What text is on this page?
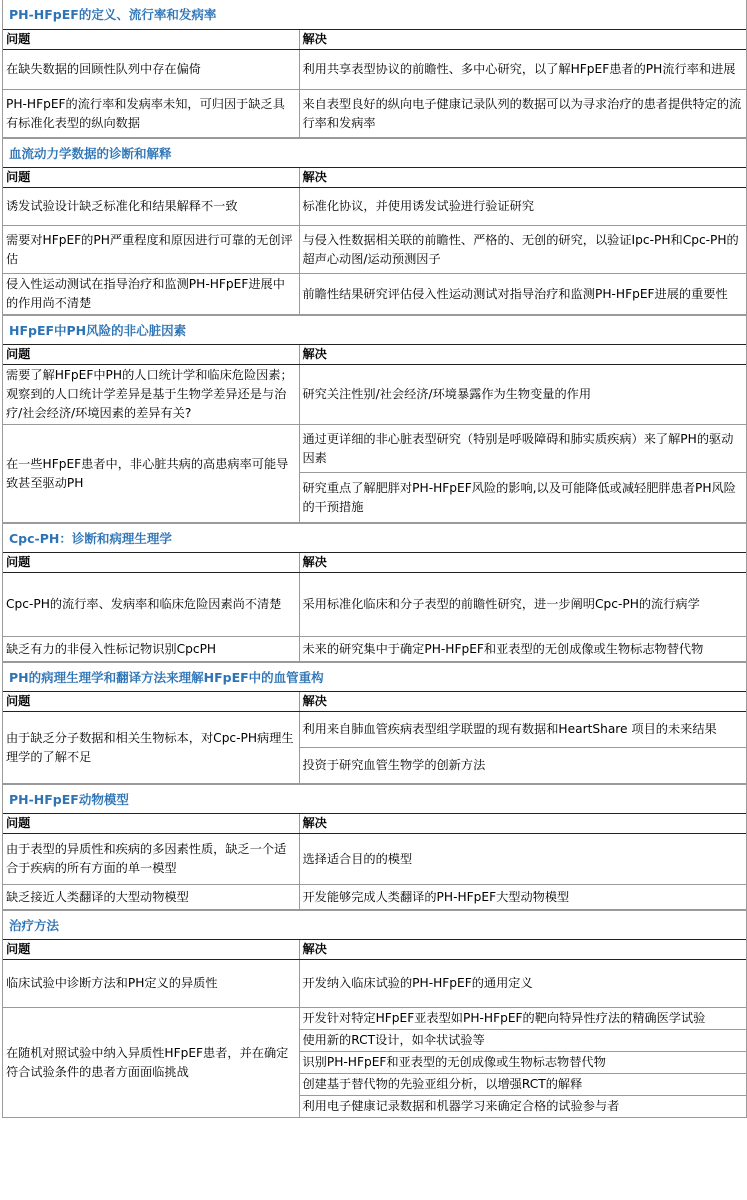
PH-HFpEF的定义、流行率和发病率
问题	解决
在缺失数据的回顾性队列中存在偏倚	利用共享表型协议的前瞻性、多中心研究，以了解HFpEF患者的PH流行率和进展
PH-HFpEF的流行率和发病率未知，可归因于缺乏具有标准化表型的纵向数据	来自表型良好的纵向电子健康记录队列的数据可以为寻求治疗的患者提供特定的流行率和发病率
血流动力学数据的诊断和解释
问题	解决
诱发试验设计缺乏标准化和结果解释不一致	标准化协议，并使用诱发试验进行验证研究
需要对HFpEF的PH严重程度和原因进行可靠的无创评估	与侵入性数据相关联的前瞻性、严格的、无创的研究，以验证Ipc-PH和Cpc-PH的超声心动图/运动预测因子
侵入性运动测试在指导治疗和监测PH-HFpEF进展中的作用尚不清楚	前瞻性结果研究评估侵入性运动测试对指导治疗和监测PH-HFpEF进展的重要性
HFpEF中PH风险的非心脏因素
问题	解决
需要了解HFpEF中PH的人口统计学和临床危险因素；观察到的人口统计学差异是基于生物学差异还是与治疗/社会经济/环境因素的差异有关?	研究关注性别/社会经济/环境暴露作为生物变量的作用
在一些HFpEF患者中，非心脏共病的高患病率可能导致甚至驱动PH	通过更详细的非心脏表型研究（特别是呼吸障碍和肺实质疾病）来了解PH的驱动因素
	研究重点了解肥胖对PH-HFpEF风险的影响,以及可能降低或减轻肥胖患者PH风险的干预措施
Cpc-PH：诊断和病理生理学
问题	解决
Cpc-PH的流行率、发病率和临床危险因素尚不清楚	采用标准化临床和分子表型的前瞻性研究，进一步阐明Cpc-PH的流行病学
缺乏有力的非侵入性标记物识别CpcPH	未来的研究集中于确定PH-HFpEF和亚表型的无创成像或生物标志物替代物
PH的病理生理学和翻译方法来理解HFpEF中的血管重构
问题	解决
由于缺乏分子数据和相关生物标本，对Cpc-PH病理生理学的了解不足	利用来自肺血管疾病表型组学联盟的现有数据和HeartShare 项目的未来结果
	投资于研究血管生物学的创新方法
PH-HFpEF动物模型
问题	解决
由于表型的异质性和疾病的多因素性质，缺乏一个适合于疾病的所有方面的单一模型	选择适合目的的模型
缺乏接近人类翻译的大型动物模型	开发能够完成人类翻译的PH-HFpEF大型动物模型
治疗方法
问题	解决
临床试验中诊断方法和PH定义的异质性	开发纳入临床试验的PH-HFpEF的通用定义
在随机对照试验中纳入异质性HFpEF患者，并在确定符合试验条件的患者方面面临挑战	开发针对特定HFpEF亚表型如PH-HFpEF的靶向特异性疗法的精确医学试验
	使用新的RCT设计，如伞状试验等
	识别PH-HFpEF和亚表型的无创成像或生物标志物替代物
	创建基于替代物的先验亚组分析，以增强RCT的解释
	利用电子健康记录数据和机器学习来确定合格的试验参与者
